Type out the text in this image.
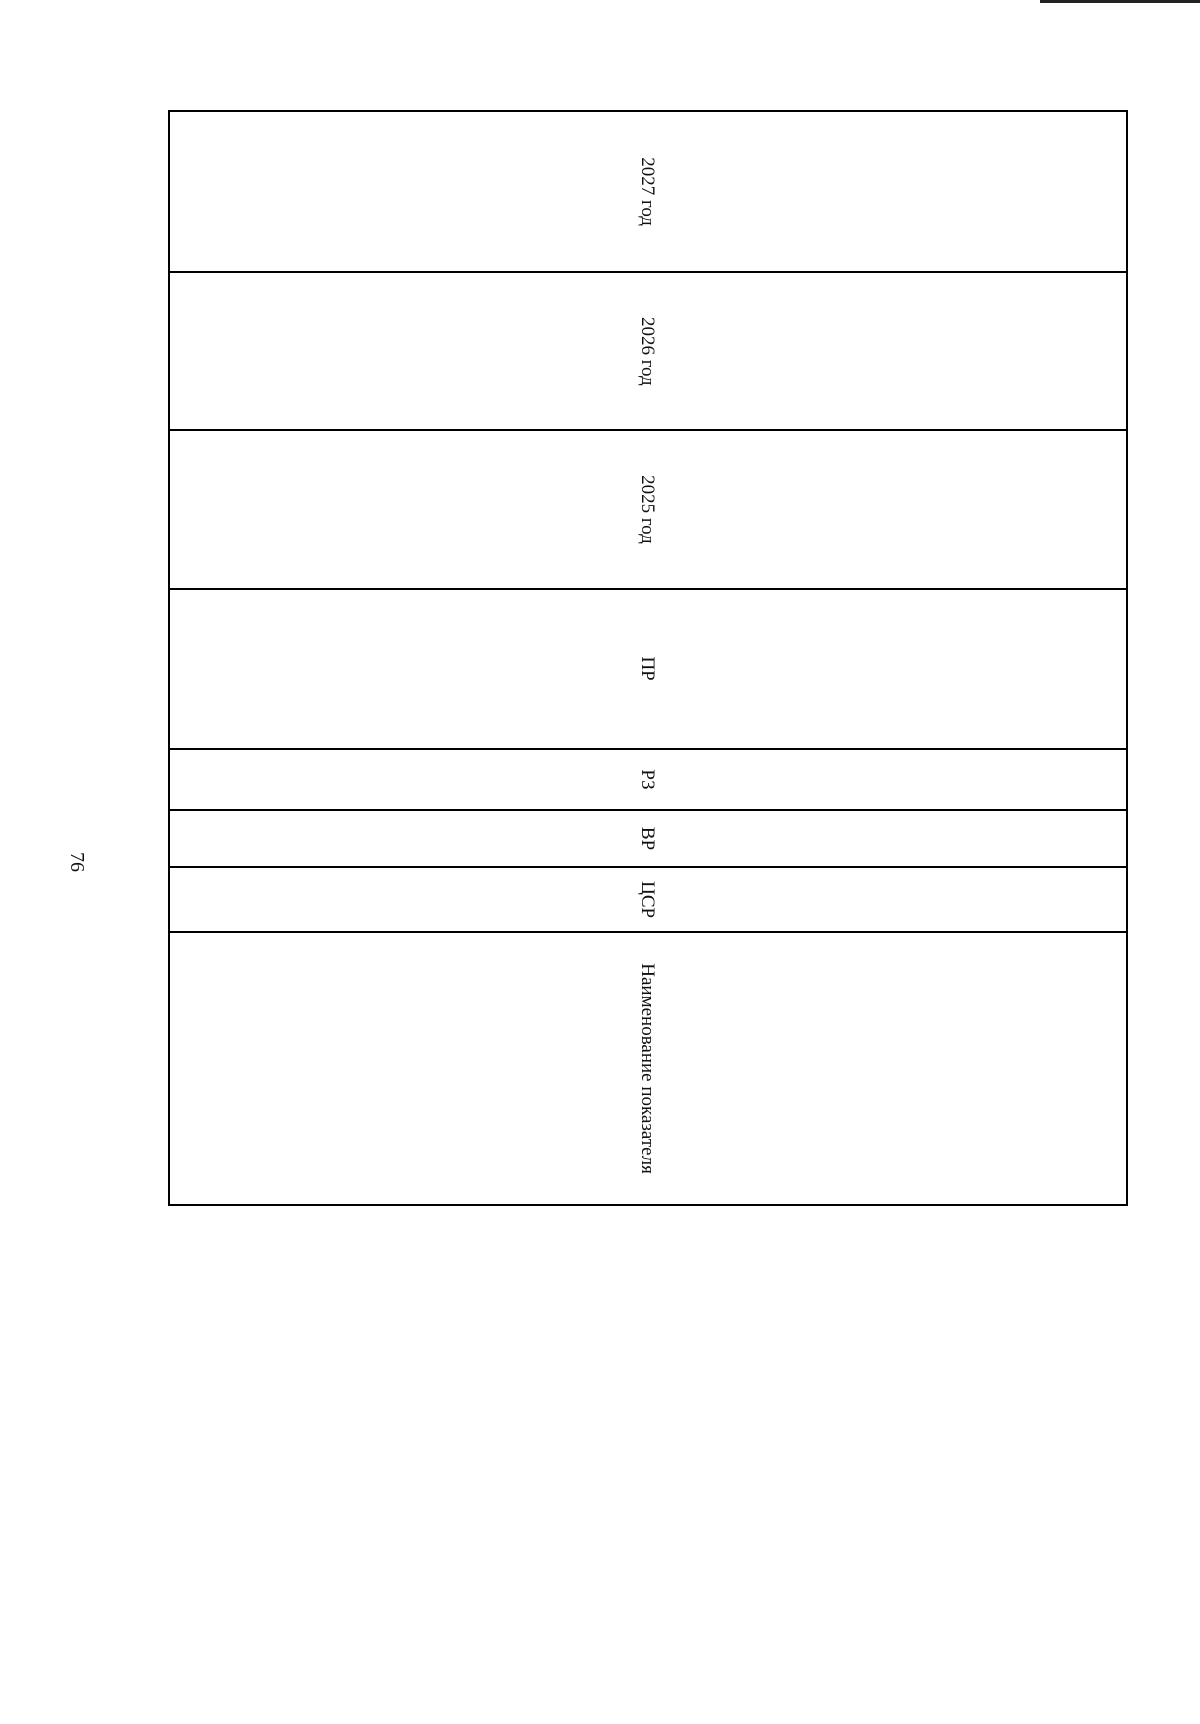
76
2027 год	2026 год	2025 год	ПР	РЗ	ВР	ЦСР	Наименование показателя
